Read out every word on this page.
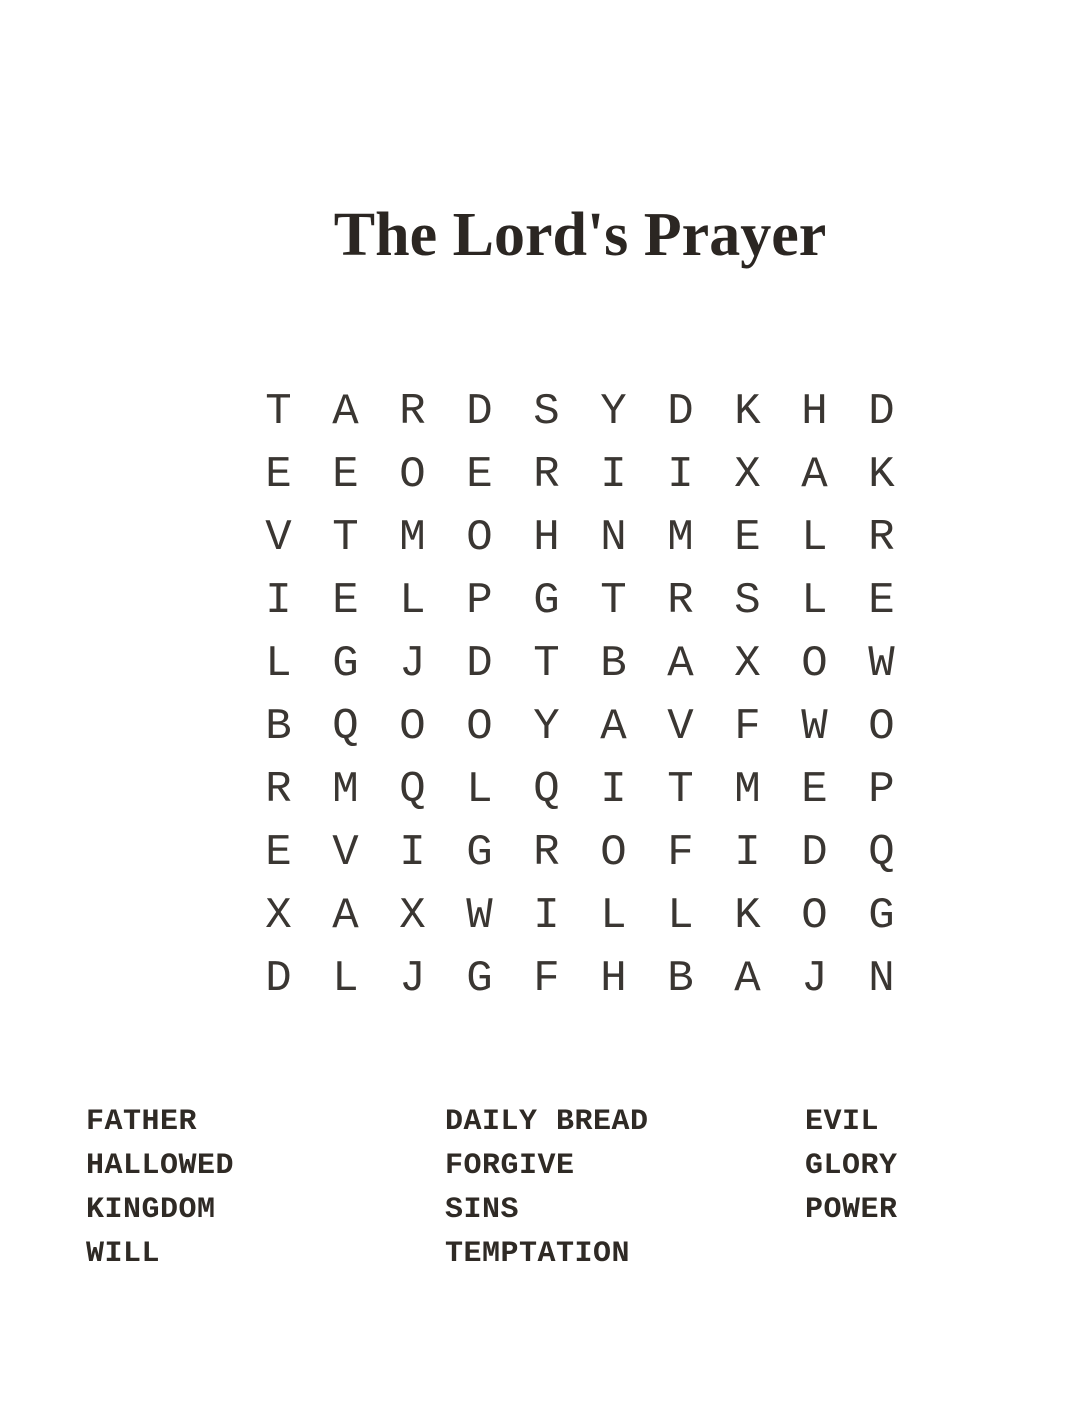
The Lord's Prayer
T A R D S Y D K H D
E E O E R I I X A K
V T M O H N M E L R
I E L P G T R S L E
L G J D T B A X O W
B Q O O Y A V F W O
R M Q L Q I T M E P
E V I G R O F I D Q
X A X W I L L K O G
D L J G F H B A J N
FATHER
HALLOWED
KINGDOM
WILL
DAILY BREAD
FORGIVE
SINS
TEMPTATION
EVIL
GLORY
POWER
